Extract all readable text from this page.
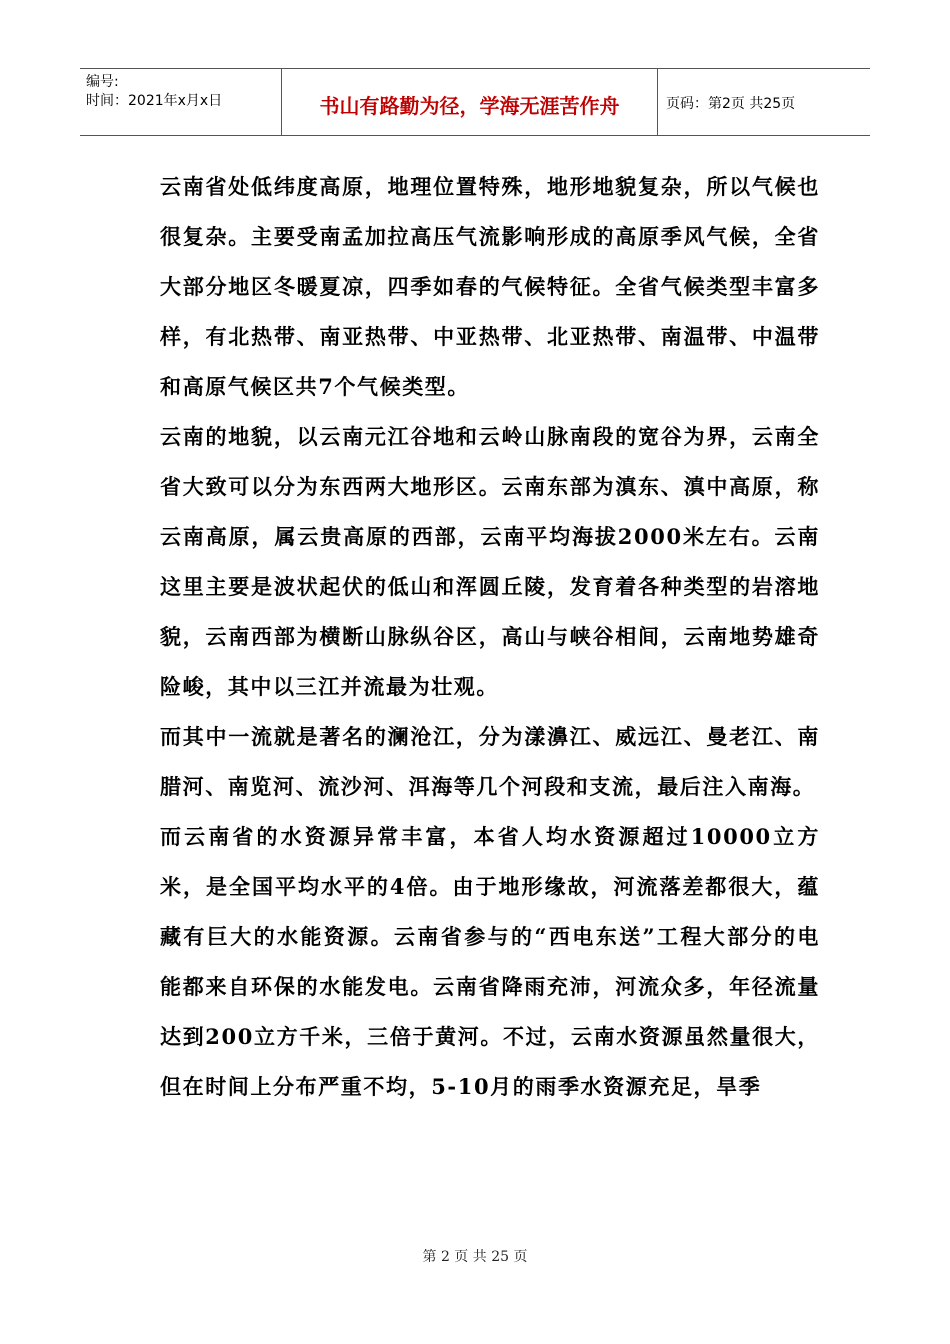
编号:
时间：2021年x月x日	书山有路勤为径，学海无涯苦作舟	页码：第2页 共25页

云南省处低纬度高原，地理位置特殊，地形地貌复杂，所以气候也很复杂。主要受南孟加拉高压气流影响形成的高原季风气候，全省大部分地区冬暖夏凉，四季如春的气候特征。全省气候类型丰富多样，有北热带、南亚热带、中亚热带、北亚热带、南温带、中温带和高原气候区共7个气候类型。

云南的地貌，以云南元江谷地和云岭山脉南段的宽谷为界，云南全省大致可以分为东西两大地形区。云南东部为滇东、滇中高原，称云南高原，属云贵高原的西部，云南平均海拔2000米左右。云南这里主要是波状起伏的低山和浑圆丘陵，发育着各种类型的岩溶地貌，云南西部为横断山脉纵谷区，高山与峡谷相间，云南地势雄奇险峻，其中以三江并流最为壮观。

而其中一流就是著名的澜沧江，分为漾濞江、威远江、曼老江、南腊河、南览河、流沙河、洱海等几个河段和支流，最后注入南海。

而云南省的水资源异常丰富，本省人均水资源超过10000立方米，是全国平均水平的4倍。由于地形缘故，河流落差都很大，蕴藏有巨大的水能资源。云南省参与的“西电东送”工程大部分的电能都来自环保的水能发电。云南省降雨充沛，河流众多，年径流量达到200立方千米，三倍于黄河。不过，云南水资源虽然量很大，但在时间上分布严重不均，5-10月的雨季水资源充足，旱季

第 2 页 共 25 页
